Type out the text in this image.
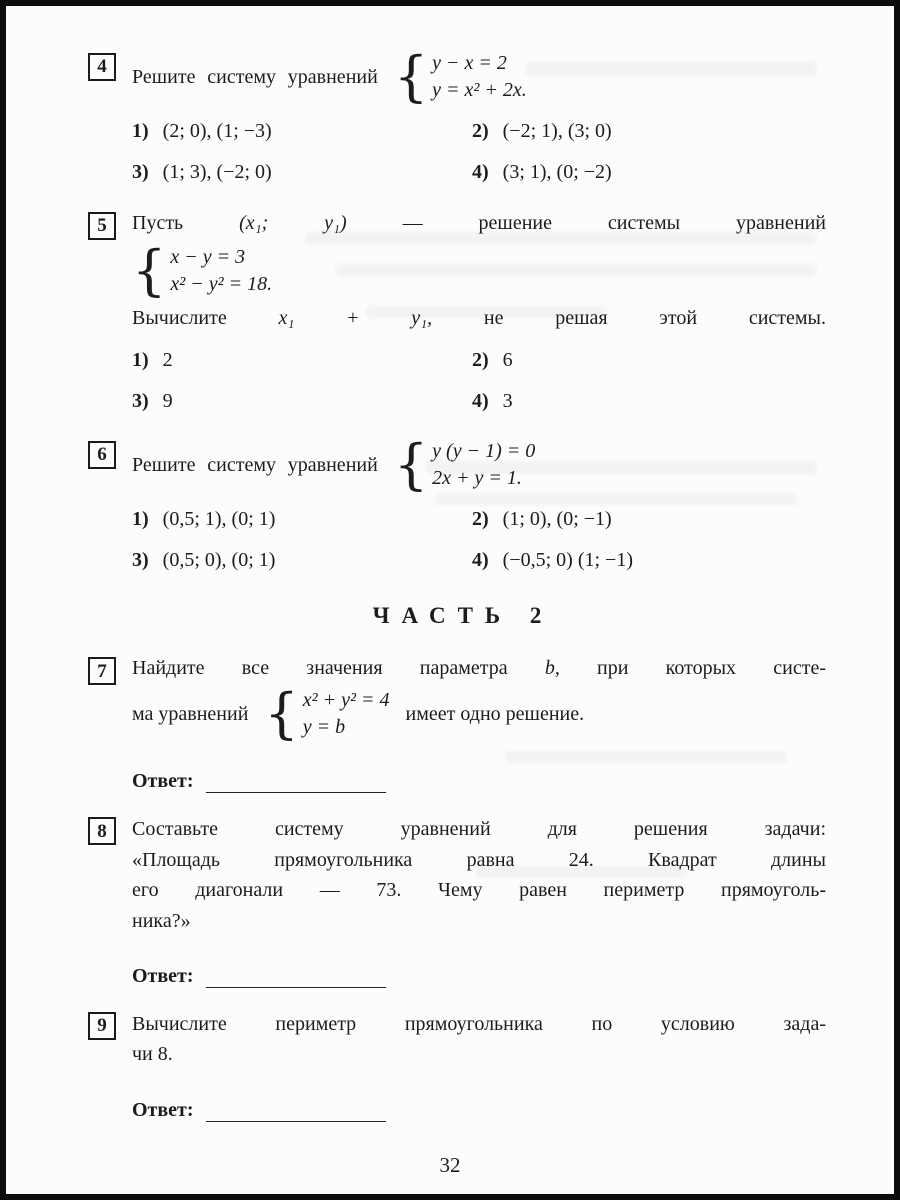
4	Решите систему уравнений { y − x = 2
y = x² + 2x.
1) (2; 0), (1; −3)	2) (−2; 1), (3; 0)
3) (1; 3), (−2; 0)	4) (3; 1), (0; −2)
5	Пусть (x₁; y₁) — решение системы уравнений
{ x − y = 3
x² − y² = 18.
Вычислите x₁ + y₁, не решая этой системы.
1) 2	2) 6
3) 9	4) 3
6	Решите систему уравнений { y (y − 1) = 0
2x + y = 1.
1) (0,5; 1), (0; 1)	2) (1; 0), (0; −1)
3) (0,5; 0), (0; 1)	4) (−0,5; 0) (1; −1)
ЧАСТЬ 2
7	Найдите все значения параметра b, при которых систе-
ма уравнений { x² + y² = 4
y = b
имеет одно решение.
Ответ:
8	Составьте систему уравнений для решения задачи:
«Площадь прямоугольника равна 24. Квадрат длины
его диагонали — 73. Чему равен периметр прямоуголь-
ника?»
Ответ:
9	Вычислите периметр прямоугольника по условию зада-
чи 8.
Ответ:
32
